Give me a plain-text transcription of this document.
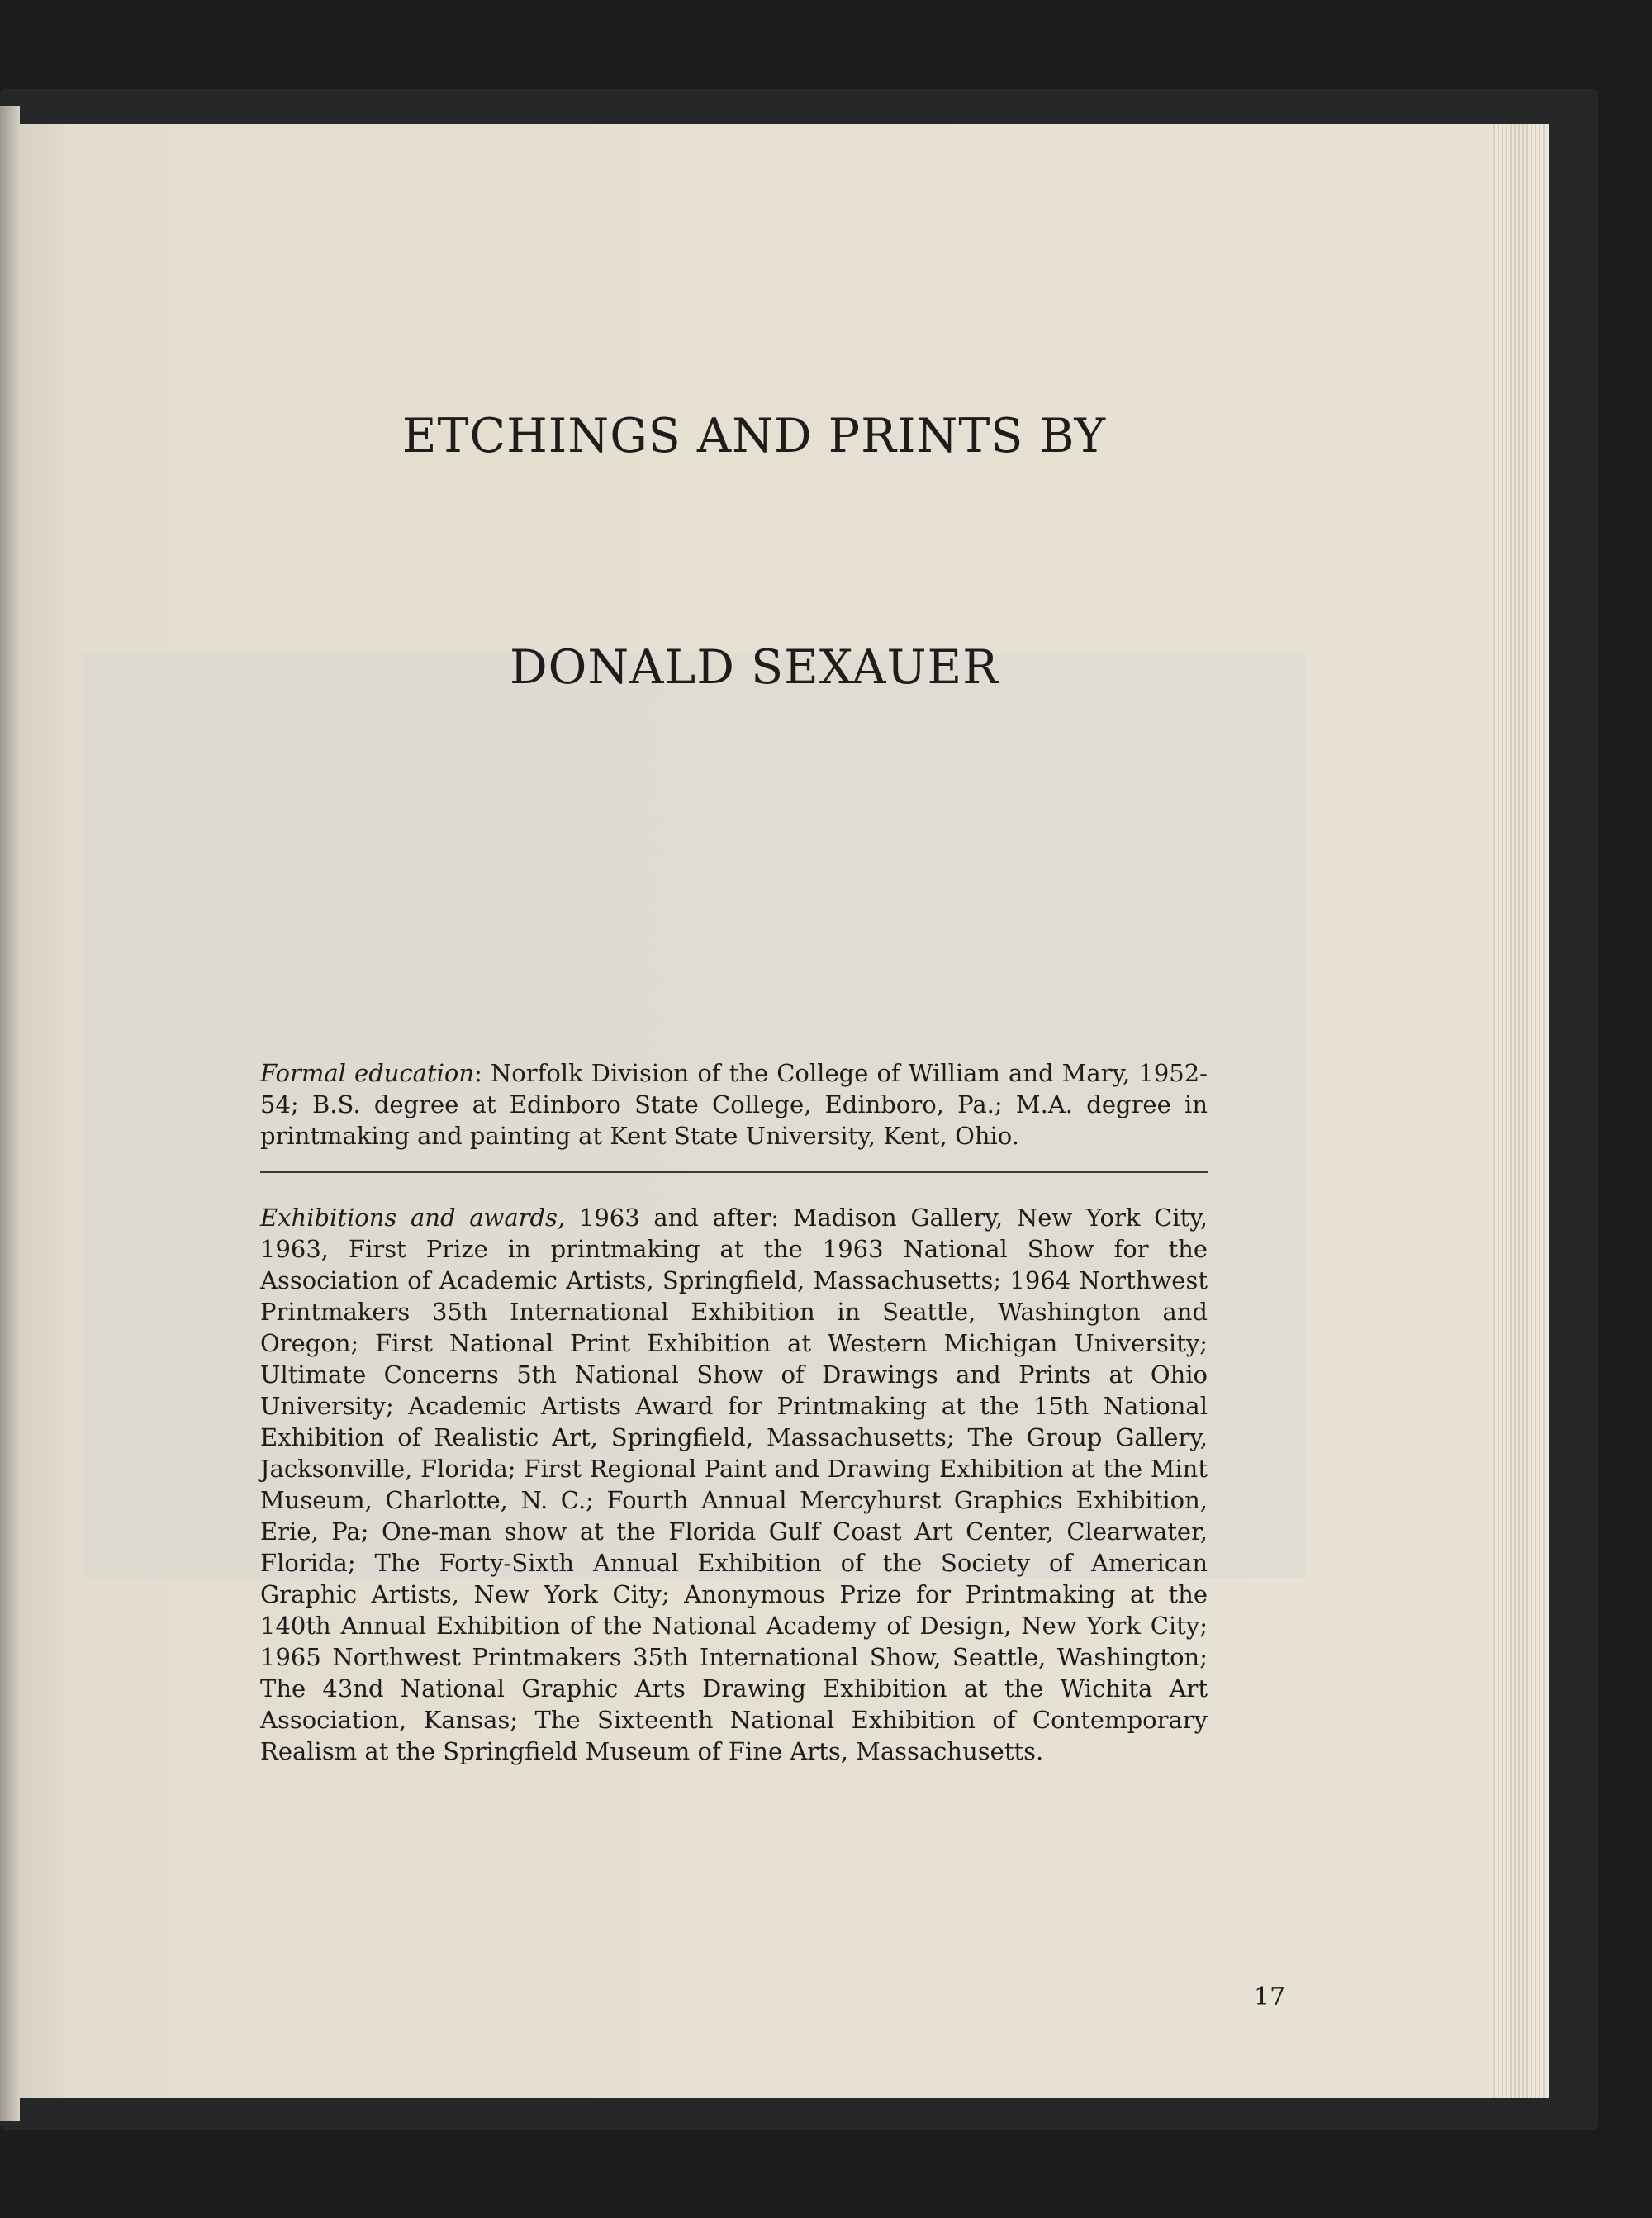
ETCHINGS AND PRINTS BY
DONALD SEXAUER

Formal education: Norfolk Division of the College of William and Mary, 1952-54; B.S. degree at Edinboro State College, Edinboro, Pa.; M.A. degree in printmaking and painting at Kent State University, Kent, Ohio.

Exhibitions and awards, 1963 and after: Madison Gallery, New York City, 1963, First Prize in printmaking at the 1963 National Show for the Association of Academic Artists, Springfield, Massachusetts; 1964 Northwest Printmakers 35th International Exhibition in Seattle, Washington and Oregon; First National Print Exhibition at Western Michigan University; Ultimate Concerns 5th National Show of Drawings and Prints at Ohio University; Academic Artists Award for Printmaking at the 15th National Exhibition of Realistic Art, Springfield, Massachusetts; The Group Gallery, Jacksonville, Florida; First Regional Paint and Drawing Exhibition at the Mint Museum, Charlotte, N. C.; Fourth Annual Mercyhurst Graphics Exhibition, Erie, Pa; One-man show at the Florida Gulf Coast Art Center, Clearwater, Florida; The Forty-Sixth Annual Exhibition of the Society of American Graphic Artists, New York City; Anonymous Prize for Printmaking at the 140th Annual Exhibition of the National Academy of Design, New York City; 1965 Northwest Printmakers 35th International Show, Seattle, Washington; The 43nd National Graphic Arts Drawing Exhibition at the Wichita Art Association, Kansas; The Sixteenth National Exhibition of Contemporary Realism at the Springfield Museum of Fine Arts, Massachusetts.

17
